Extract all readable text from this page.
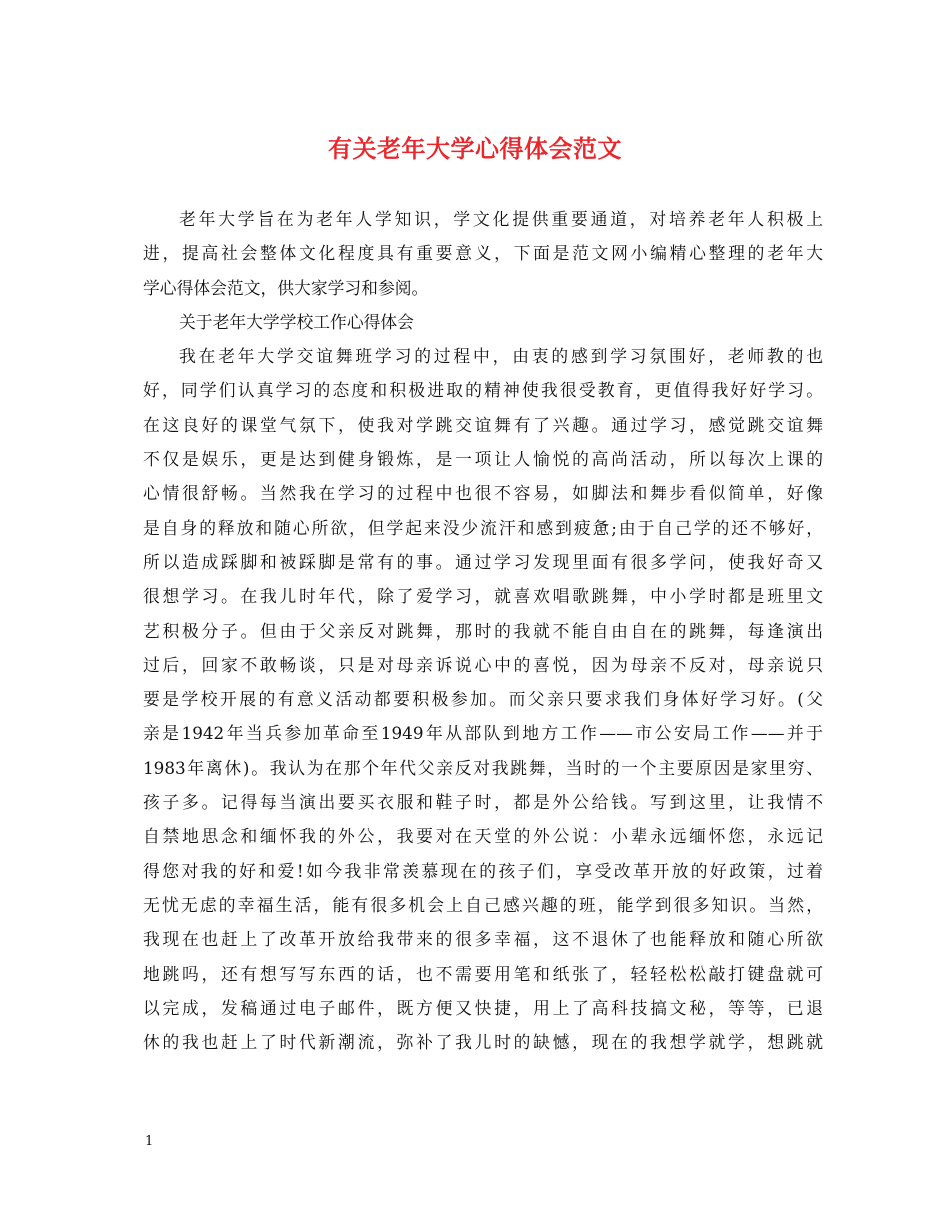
有关老年大学心得体会范文
老年大学旨在为老年人学知识，学文化提供重要通道，对培养老年人积极上
进，提高社会整体文化程度具有重要意义，下面是范文网小编精心整理的老年大
学心得体会范文，供大家学习和参阅。
关于老年大学学校工作心得体会
我在老年大学交谊舞班学习的过程中，由衷的感到学习氛围好，老师教的也
好，同学们认真学习的态度和积极进取的精神使我很受教育，更值得我好好学习。
在这良好的课堂气氛下，使我对学跳交谊舞有了兴趣。通过学习，感觉跳交谊舞
不仅是娱乐，更是达到健身锻炼，是一项让人愉悦的高尚活动，所以每次上课的
心情很舒畅。当然我在学习的过程中也很不容易，如脚法和舞步看似简单，好像
是自身的释放和随心所欲，但学起来没少流汗和感到疲惫;由于自己学的还不够好，
所以造成踩脚和被踩脚是常有的事。通过学习发现里面有很多学问，使我好奇又
很想学习。在我儿时年代，除了爱学习，就喜欢唱歌跳舞，中小学时都是班里文
艺积极分子。但由于父亲反对跳舞，那时的我就不能自由自在的跳舞，每逢演出
过后，回家不敢畅谈，只是对母亲诉说心中的喜悦，因为母亲不反对，母亲说只
要是学校开展的有意义活动都要积极参加。而父亲只要求我们身体好学习好。(父
亲是1942年当兵参加革命至1949年从部队到地方工作——市公安局工作——并于
1983年离休)。我认为在那个年代父亲反对我跳舞，当时的一个主要原因是家里穷、
孩子多。记得每当演出要买衣服和鞋子时，都是外公给钱。写到这里，让我情不
自禁地思念和缅怀我的外公，我要对在天堂的外公说：小辈永远缅怀您，永远记
得您对我的好和爱!如今我非常羡慕现在的孩子们，享受改革开放的好政策，过着
无忧无虑的幸福生活，能有很多机会上自己感兴趣的班，能学到很多知识。当然，
我现在也赶上了改革开放给我带来的很多幸福，这不退休了也能释放和随心所欲
地跳吗，还有想写写东西的话，也不需要用笔和纸张了，轻轻松松敲打键盘就可
以完成，发稿通过电子邮件，既方便又快捷，用上了高科技搞文秘，等等，已退
休的我也赶上了时代新潮流，弥补了我儿时的缺憾，现在的我想学就学，想跳就
1
